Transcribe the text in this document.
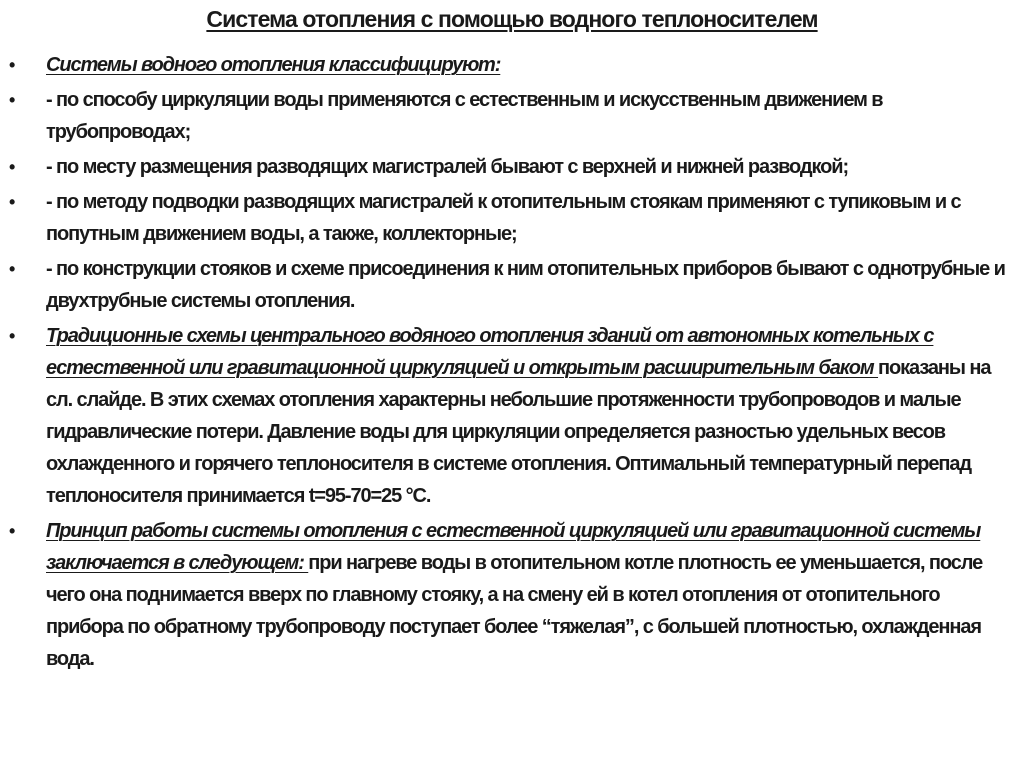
Система отопления с помощью водного теплоносителем
• Системы водного отопления классифицируют:
• - по способу циркуляции воды применяются с естественным и искусственным движением в трубопроводах;
• - по месту размещения разводящих магистралей бывают с верхней и нижней разводкой;
• - по методу подводки разводящих магистралей к отопительным стоякам применяют с тупиковым и с попутным движением воды, а также, коллекторные;
• - по конструкции стояков и схеме присоединения к ним отопительных приборов бывают с однотрубные и двухтрубные системы отопления.
• Традиционные схемы центрального водяного отопления зданий от автономных котельных с естественной или гравитационной циркуляцией и открытым расширительным баком показаны на сл. слайде. В этих схемах отопления характерны небольшие протяженности трубопроводов и малые гидравлические потери. Давление воды для циркуляции определяется разностью удельных весов охлажденного и горячего теплоносителя в системе отопления. Оптимальный температурный перепад теплоносителя принимается t=95-70=25 °С.
• Принцип работы системы отопления с естественной циркуляцией или гравитационной системы заключается в следующем: при нагреве воды в отопительном котле плотность ее уменьшается, после чего она поднимается вверх по главному стояку, а на смену ей в котел отопления от отопительного прибора по обратному трубопроводу поступает более “тяжелая”, с большей плотностью, охлажденная вода.
